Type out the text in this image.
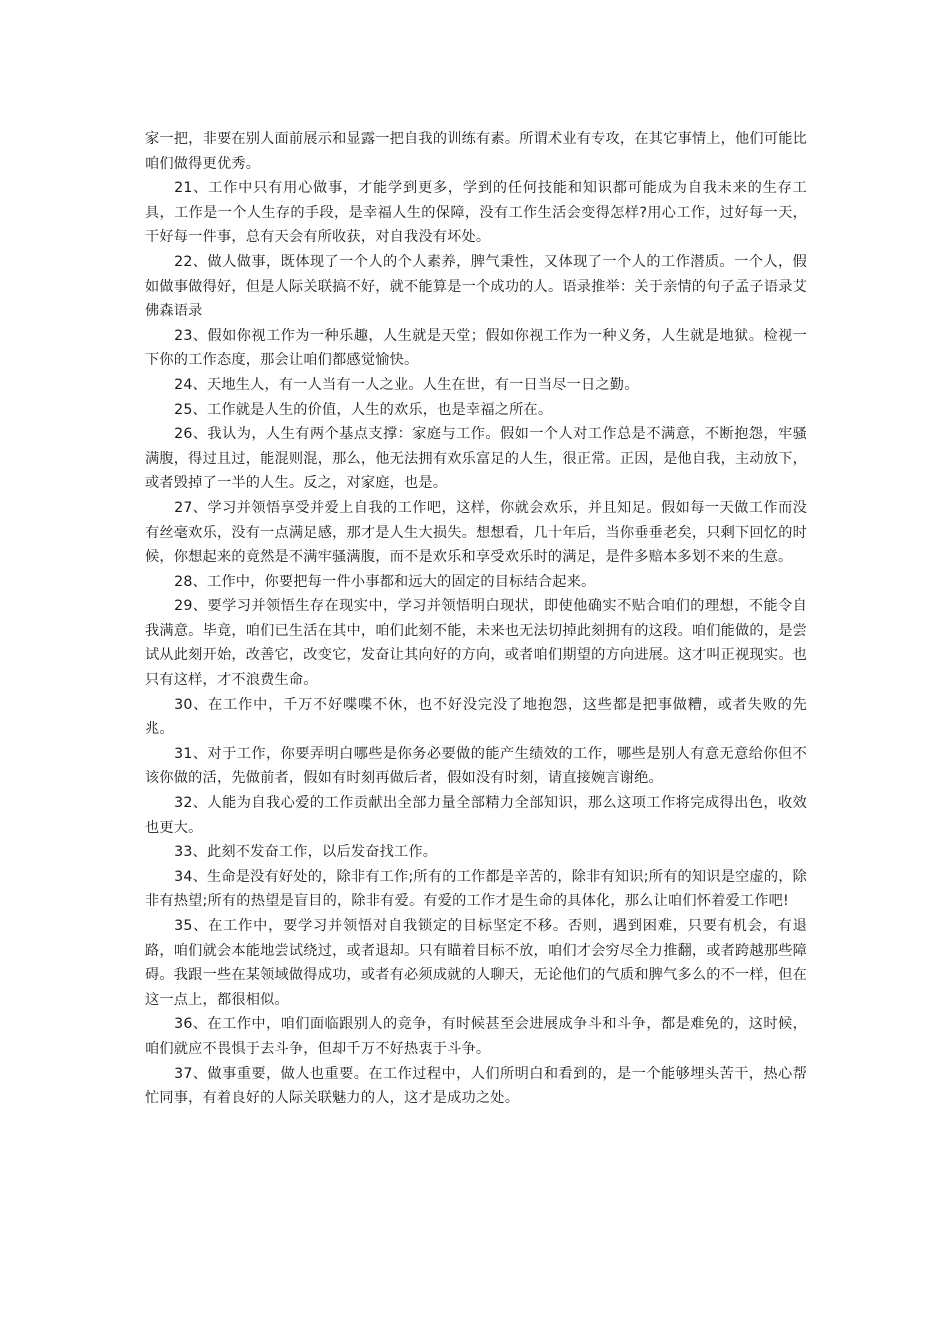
家一把，非要在别人面前展示和显露一把自我的训练有素。所谓术业有专攻，在其它事情上，他们可能比咱们做得更优秀。

21、工作中只有用心做事，才能学到更多，学到的任何技能和知识都可能成为自我未来的生存工具，工作是一个人生存的手段，是幸福人生的保障，没有工作生活会变得怎样?用心工作，过好每一天，干好每一件事，总有天会有所收获，对自我没有坏处。

22、做人做事，既体现了一个人的个人素养，脾气秉性，又体现了一个人的工作潜质。一个人，假如做事做得好，但是人际关联搞不好，就不能算是一个成功的人。语录推举：关于亲情的句子孟子语录艾佛森语录

23、假如你视工作为一种乐趣，人生就是天堂；假如你视工作为一种义务，人生就是地狱。检视一下你的工作态度，那会让咱们都感觉愉快。

24、天地生人，有一人当有一人之业。人生在世，有一日当尽一日之勤。

25、工作就是人生的价值，人生的欢乐，也是幸福之所在。

26、我认为，人生有两个基点支撑：家庭与工作。假如一个人对工作总是不满意，不断抱怨，牢骚满腹，得过且过，能混则混，那么，他无法拥有欢乐富足的人生，很正常。正因，是他自我，主动放下，或者毁掉了一半的人生。反之，对家庭，也是。

27、学习并领悟享受并爱上自我的工作吧，这样，你就会欢乐，并且知足。假如每一天做工作而没有丝毫欢乐，没有一点满足感，那才是人生大损失。想想看，几十年后，当你垂垂老矣，只剩下回忆的时候，你想起来的竟然是不满牢骚满腹，而不是欢乐和享受欢乐时的满足，是件多赔本多划不来的生意。

28、工作中，你要把每一件小事都和远大的固定的目标结合起来。

29、要学习并领悟生存在现实中，学习并领悟明白现状，即使他确实不贴合咱们的理想，不能令自我满意。毕竟，咱们已生活在其中，咱们此刻不能，未来也无法切掉此刻拥有的这段。咱们能做的，是尝试从此刻开始，改善它，改变它，发奋让其向好的方向，或者咱们期望的方向进展。这才叫正视现实。也只有这样，才不浪费生命。

30、在工作中，千万不好喋喋不休，也不好没完没了地抱怨，这些都是把事做糟，或者失败的先兆。

31、对于工作，你要弄明白哪些是你务必要做的能产生绩效的工作，哪些是别人有意无意给你但不该你做的活，先做前者，假如有时刻再做后者，假如没有时刻，请直接婉言谢绝。

32、人能为自我心爱的工作贡献出全部力量全部精力全部知识，那么这项工作将完成得出色，收效也更大。

33、此刻不发奋工作，以后发奋找工作。

34、生命是没有好处的，除非有工作;所有的工作都是辛苦的，除非有知识;所有的知识是空虚的，除非有热望;所有的热望是盲目的，除非有爱。有爱的工作才是生命的具体化，那么让咱们怀着爱工作吧!

35、在工作中，要学习并领悟对自我锁定的目标坚定不移。否则，遇到困难，只要有机会，有退路，咱们就会本能地尝试绕过，或者退却。只有瞄着目标不放，咱们才会穷尽全力推翻，或者跨越那些障碍。我跟一些在某领域做得成功，或者有必须成就的人聊天，无论他们的气质和脾气多么的不一样，但在这一点上，都很相似。

36、在工作中，咱们面临跟别人的竞争，有时候甚至会进展成争斗和斗争，都是难免的，这时候，咱们就应不畏惧于去斗争，但却千万不好热衷于斗争。

37、做事重要，做人也重要。在工作过程中，人们所明白和看到的，是一个能够埋头苦干，热心帮忙同事，有着良好的人际关联魅力的人，这才是成功之处。
